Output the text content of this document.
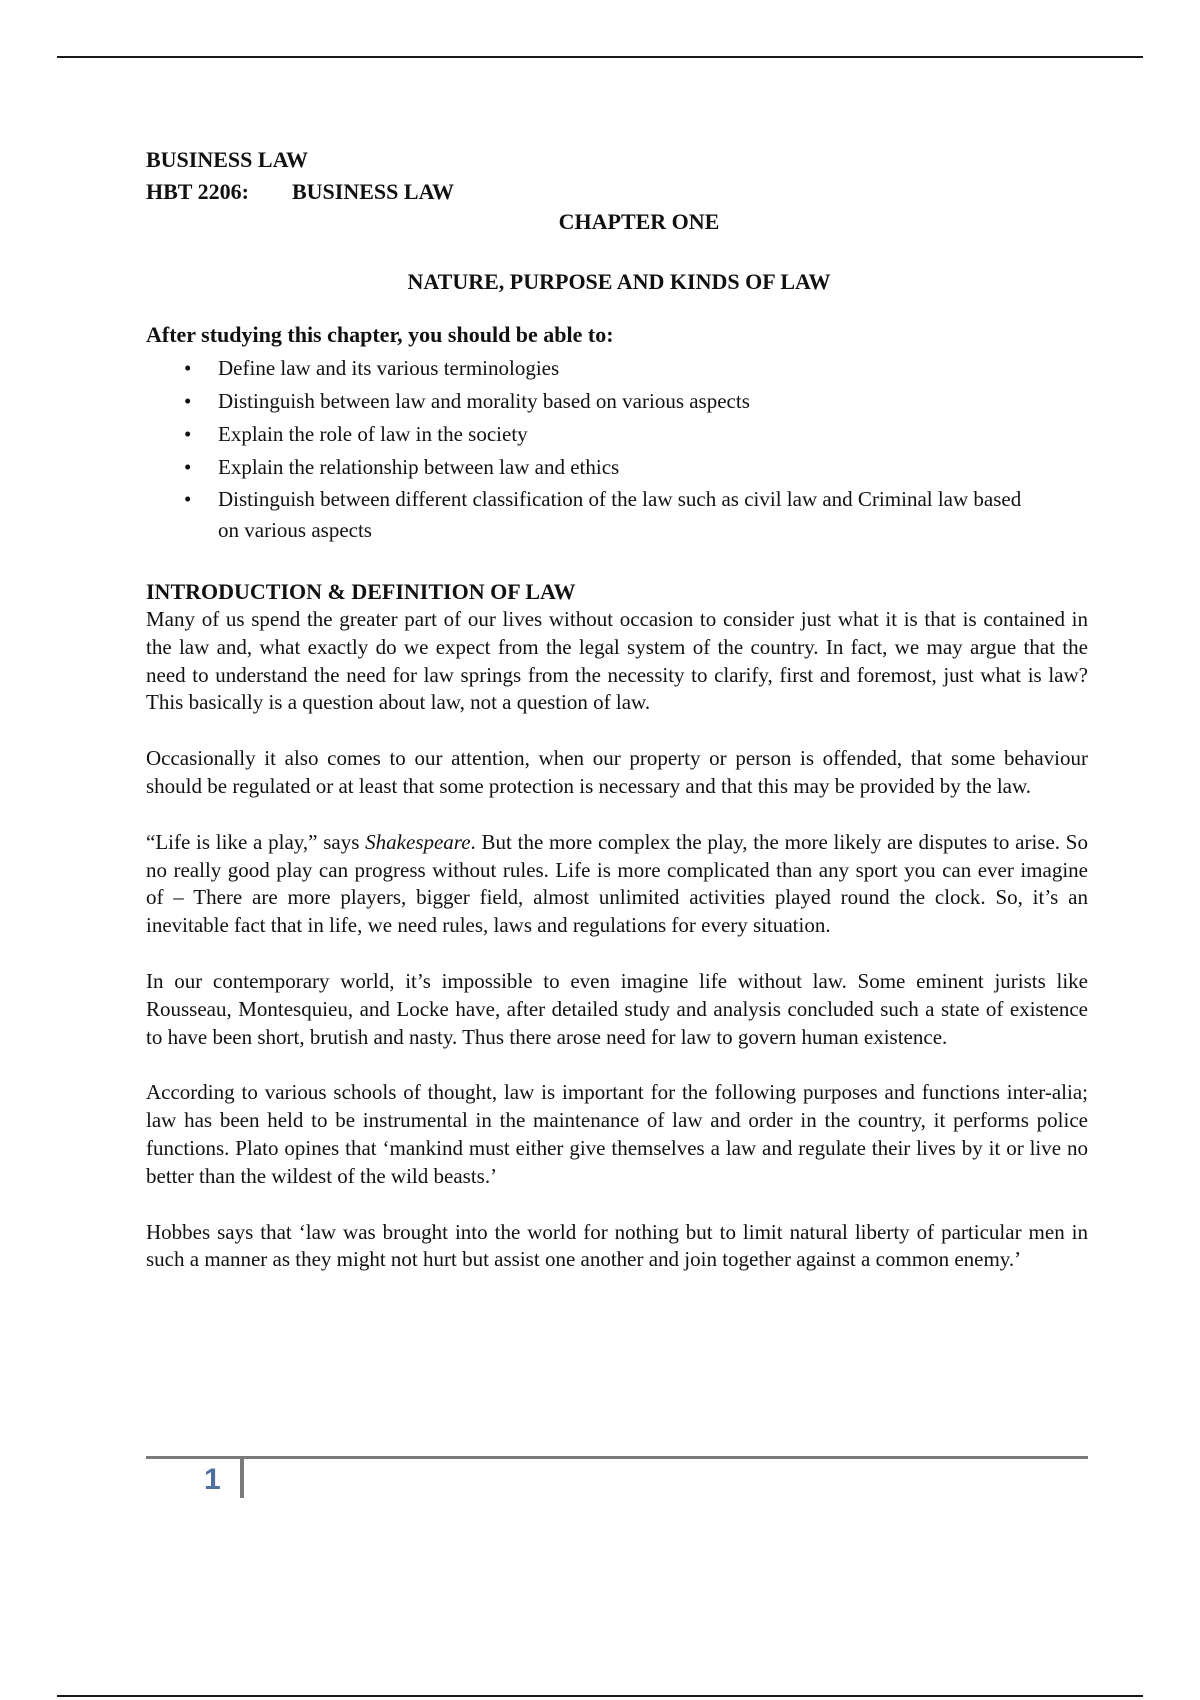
BUSINESS LAW

HBT 2206: BUSINESS LAW

CHAPTER ONE

NATURE, PURPOSE AND KINDS OF LAW

After studying this chapter, you should be able to:

• Define law and its various terminologies
• Distinguish between law and morality based on various aspects
• Explain the role of law in the society
• Explain the relationship between law and ethics
• Distinguish between different classification of the law such as civil law and Criminal law based on various aspects

INTRODUCTION & DEFINITION OF LAW

Many of us spend the greater part of our lives without occasion to consider just what it is that is contained in the law and, what exactly do we expect from the legal system of the country. In fact, we may argue that the need to understand the need for law springs from the necessity to clarify, first and foremost, just what is law? This basically is a question about law, not a question of law.

Occasionally it also comes to our attention, when our property or person is offended, that some behaviour should be regulated or at least that some protection is necessary and that this may be provided by the law.

“Life is like a play,” says Shakespeare. But the more complex the play, the more likely are disputes to arise. So no really good play can progress without rules. Life is more complicated than any sport you can ever imagine of – There are more players, bigger field, almost unlimited activities played round the clock. So, it’s an inevitable fact that in life, we need rules, laws and regulations for every situation.

In our contemporary world, it’s impossible to even imagine life without law. Some eminent jurists like Rousseau, Montesquieu, and Locke have, after detailed study and analysis concluded such a state of existence to have been short, brutish and nasty. Thus there arose need for law to govern human existence.

According to various schools of thought, law is important for the following purposes and functions inter-alia; law has been held to be instrumental in the maintenance of law and order in the country, it performs police functions. Plato opines that ‘mankind must either give themselves a law and regulate their lives by it or live no better than the wildest of the wild beasts.’

Hobbes says that ‘law was brought into the world for nothing but to limit natural liberty of particular men in such a manner as they might not hurt but assist one another and join together against a common enemy.’

1
